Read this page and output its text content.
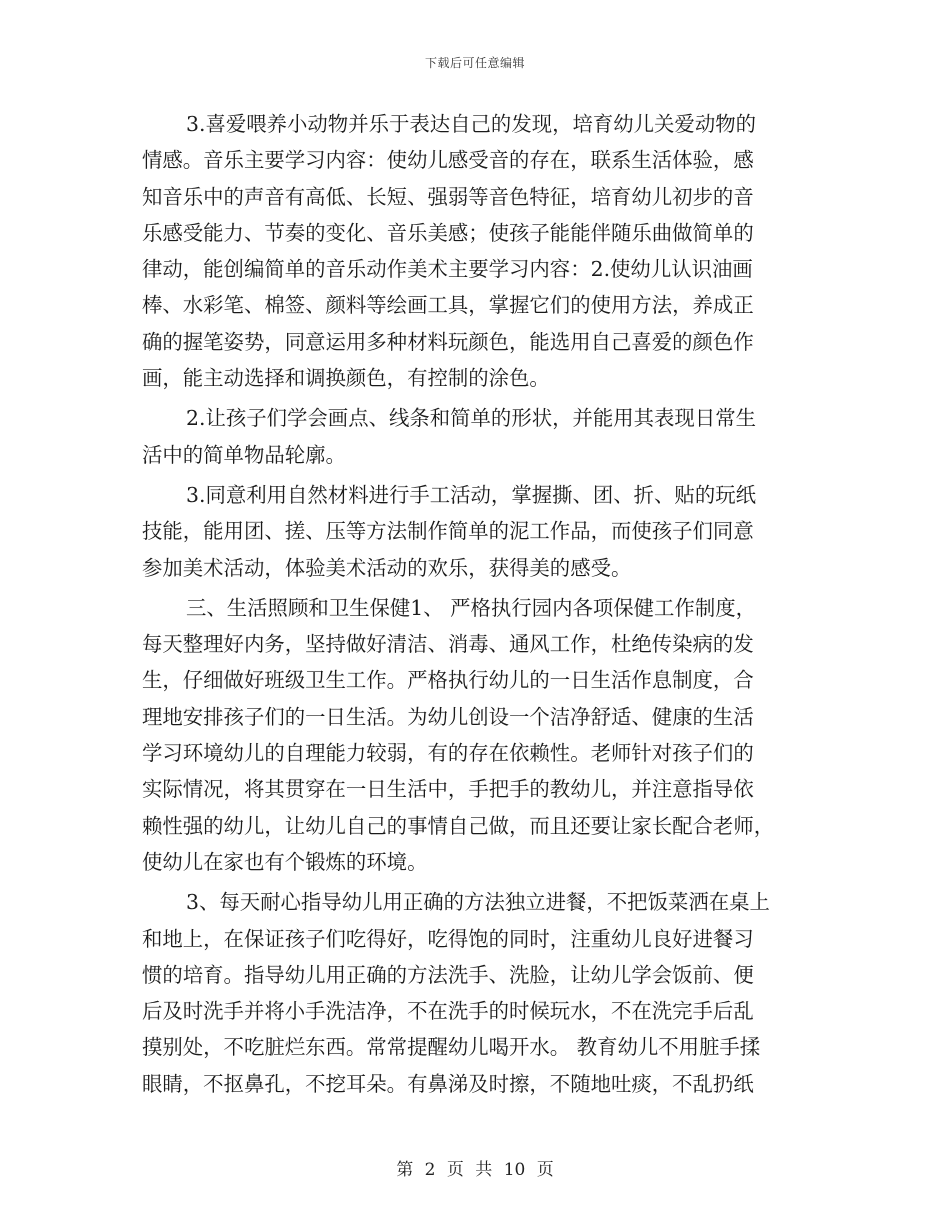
下载后可任意编辑
3.喜爱喂养小动物并乐于表达自己的发现，培育幼儿关爱动物的
情感。音乐主要学习内容：使幼儿感受音的存在，联系生活体验，感
知音乐中的声音有高低、长短、强弱等音色特征，培育幼儿初步的音
乐感受能力、节奏的变化、音乐美感；使孩子能能伴随乐曲做简单的
律动，能创编简单的音乐动作美术主要学习内容：2.使幼儿认识油画
棒、水彩笔、棉签、颜料等绘画工具，掌握它们的使用方法，养成正
确的握笔姿势，同意运用多种材料玩颜色，能选用自己喜爱的颜色作
画，能主动选择和调换颜色，有控制的涂色。
2.让孩子们学会画点、线条和简单的形状，并能用其表现日常生
活中的简单物品轮廓。
3.同意利用自然材料进行手工活动，掌握撕、团、折、贴的玩纸
技能，能用团、搓、压等方法制作简单的泥工作品，而使孩子们同意
参加美术活动，体验美术活动的欢乐，获得美的感受。
三、生活照顾和卫生保健1、 严格执行园内各项保健工作制度，
每天整理好内务，坚持做好清洁、消毒、通风工作，杜绝传染病的发
生，仔细做好班级卫生工作。严格执行幼儿的一日生活作息制度，合
理地安排孩子们的一日生活。为幼儿创设一个洁净舒适、健康的生活
学习环境幼儿的自理能力较弱，有的存在依赖性。老师针对孩子们的
实际情况，将其贯穿在一日生活中，手把手的教幼儿，并注意指导依
赖性强的幼儿，让幼儿自己的事情自己做，而且还要让家长配合老师，
使幼儿在家也有个锻炼的环境。
3、每天耐心指导幼儿用正确的方法独立进餐，不把饭菜洒在桌上
和地上，在保证孩子们吃得好，吃得饱的同时，注重幼儿良好进餐习
惯的培育。指导幼儿用正确的方法洗手、洗脸，让幼儿学会饭前、便
后及时洗手并将小手洗洁净，不在洗手的时候玩水，不在洗完手后乱
摸别处，不吃脏烂东西。常常提醒幼儿喝开水。 教育幼儿不用脏手揉
眼睛，不抠鼻孔，不挖耳朵。有鼻涕及时擦，不随地吐痰，不乱扔纸
第 2 页 共 10 页
